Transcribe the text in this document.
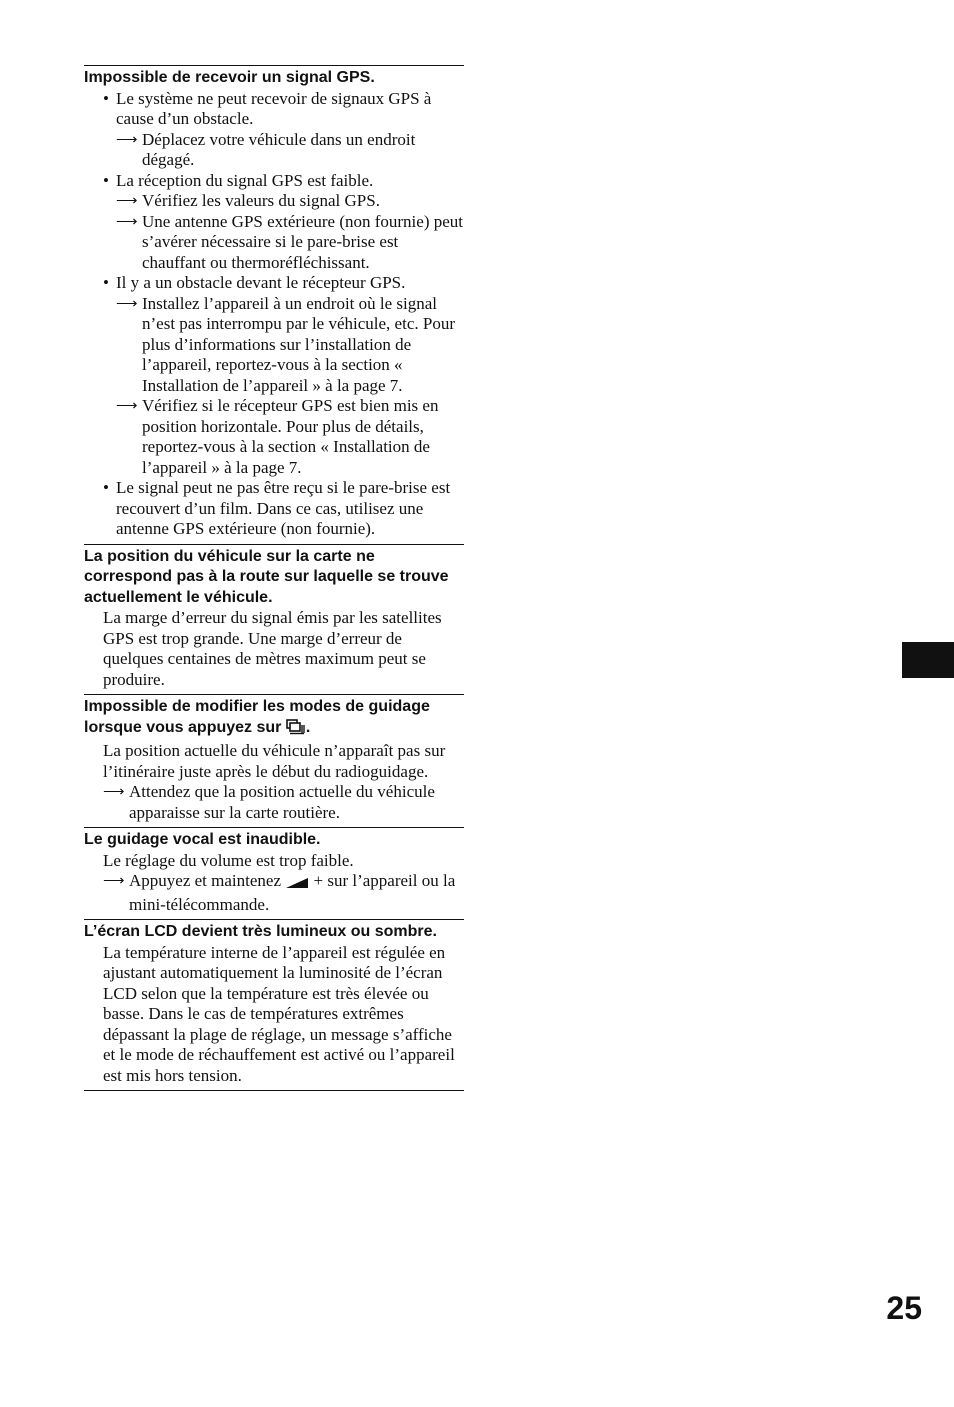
Impossible de recevoir un signal GPS.

• Le système ne peut recevoir de signaux GPS à cause d’un obstacle.

⟶ Déplacez votre véhicule dans un endroit dégagé.

• La réception du signal GPS est faible.

⟶ Vérifiez les valeurs du signal GPS.

⟶ Une antenne GPS extérieure (non fournie) peut s’avérer nécessaire si le pare-brise est chauffant ou thermoréfléchissant.

• Il y a un obstacle devant le récepteur GPS.

⟶ Installez l’appareil à un endroit où le signal n’est pas interrompu par le véhicule, etc. Pour plus d’informations sur l’installation de l’appareil, reportez-vous à la section « Installation de l’appareil » à la page 7.

⟶ Vérifiez si le récepteur GPS est bien mis en position horizontale. Pour plus de détails, reportez-vous à la section « Installation de l’appareil » à la page 7.

• Le signal peut ne pas être reçu si le pare-brise est recouvert d’un film. Dans ce cas, utilisez une antenne GPS extérieure (non fournie).

La position du véhicule sur la carte ne correspond pas à la route sur laquelle se trouve actuellement le véhicule.

La marge d’erreur du signal émis par les satellites GPS est trop grande. Une marge d’erreur de quelques centaines de mètres maximum peut se produire.

Impossible de modifier les modes de guidage lorsque vous appuyez sur .

La position actuelle du véhicule n’apparaît pas sur l’itinéraire juste après le début du radioguidage.

⟶ Attendez que la position actuelle du véhicule apparaisse sur la carte routière.

Le guidage vocal est inaudible.

Le réglage du volume est trop faible.

⟶ Appuyez et maintenez + sur l’appareil ou la mini-télécommande.

L’écran LCD devient très lumineux ou sombre.

La température interne de l’appareil est régulée en ajustant automatiquement la luminosité de l’écran LCD selon que la température est très élevée ou basse. Dans le cas de températures extrêmes dépassant la plage de réglage, un message s’affiche et le mode de réchauffement est activé ou l’appareil est mis hors tension.

25
